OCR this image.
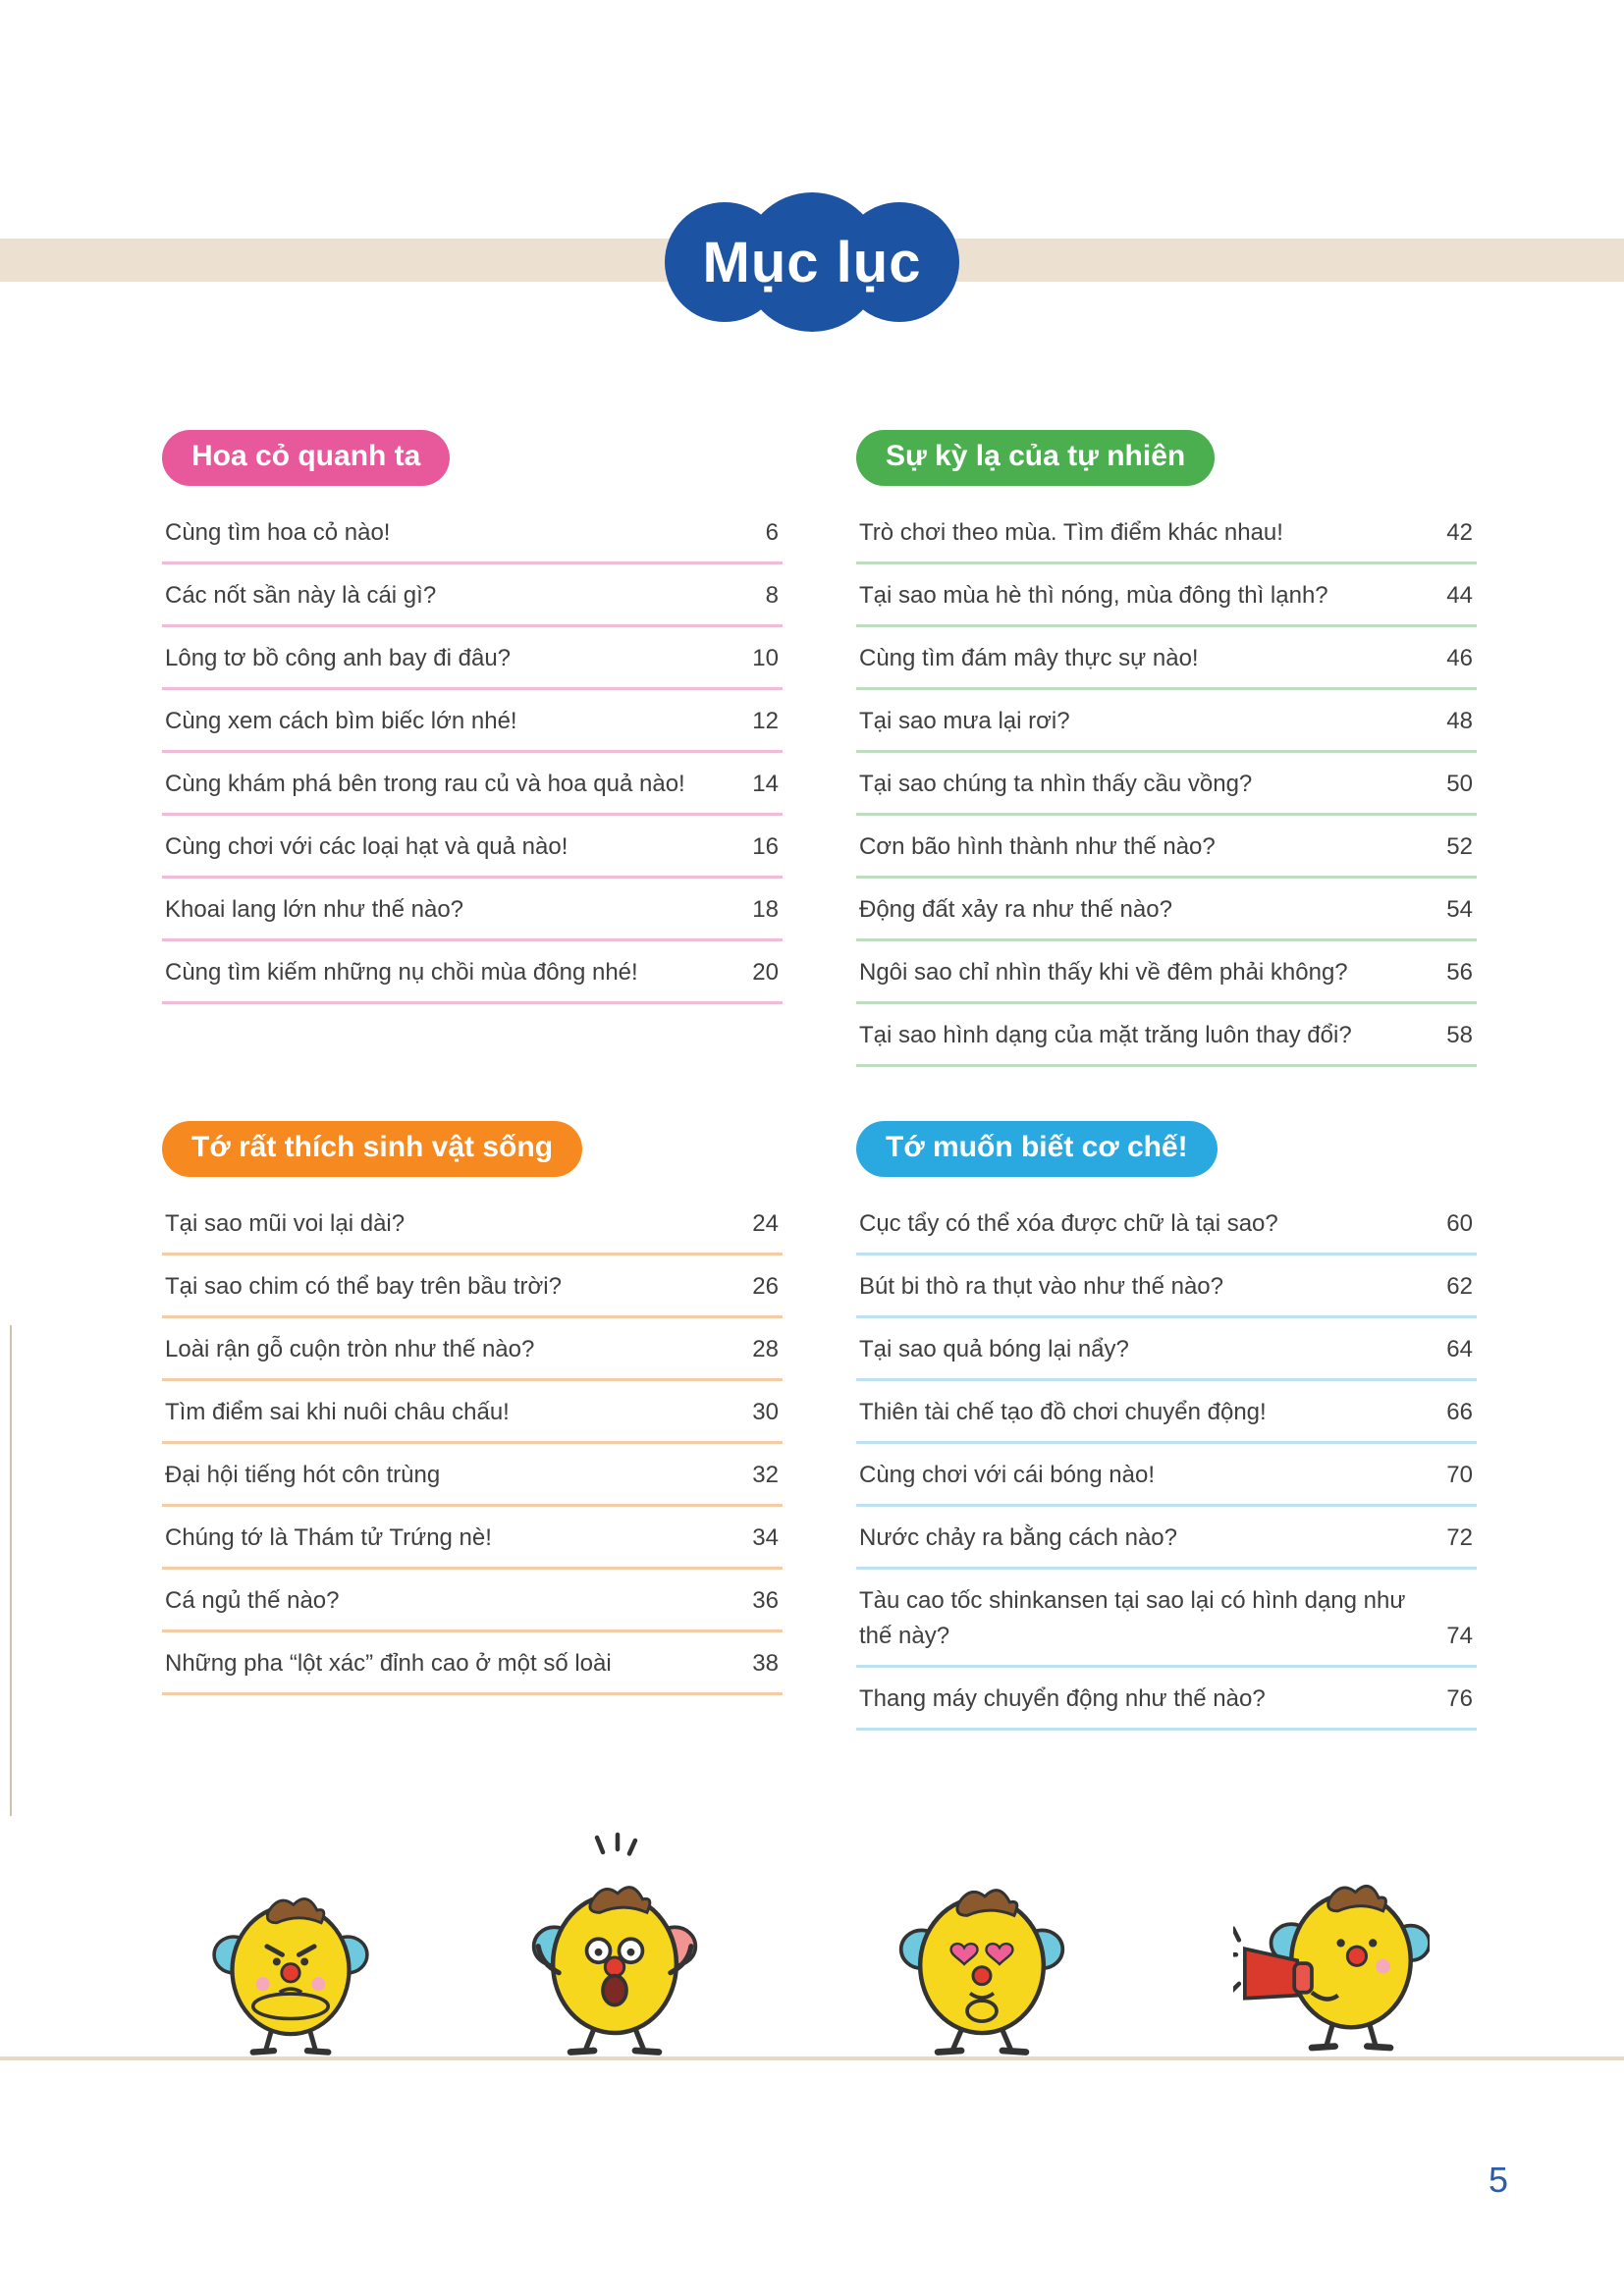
Mục lục
Hoa cỏ quanh ta
Cùng tìm hoa cỏ nào!	6
Các nốt sần này là cái gì?	8
Lông tơ bồ công anh bay đi đâu?	10
Cùng xem cách bìm biếc lớn nhé!	12
Cùng khám phá bên trong rau củ và hoa quả nào!	14
Cùng chơi với các loại hạt và quả nào!	16
Khoai lang lớn như thế nào?	18
Cùng tìm kiếm những nụ chồi mùa đông nhé!	20
Sự kỳ lạ của tự nhiên
Trò chơi theo mùa. Tìm điểm khác nhau!	42
Tại sao mùa hè thì nóng, mùa đông thì lạnh?	44
Cùng tìm đám mây thực sự nào!	46
Tại sao mưa lại rơi?	48
Tại sao chúng ta nhìn thấy cầu vồng?	50
Cơn bão hình thành như thế nào?	52
Động đất xảy ra như thế nào?	54
Ngôi sao chỉ nhìn thấy khi về đêm phải không?	56
Tại sao hình dạng của mặt trăng luôn thay đổi?	58
Tớ rất thích sinh vật sống
Tại sao mũi voi lại dài?	24
Tại sao chim có thể bay trên bầu trời?	26
Loài rận gỗ cuộn tròn như thế nào?	28
Tìm điểm sai khi nuôi châu chấu!	30
Đại hội tiếng hót côn trùng	32
Chúng tớ là Thám tử Trứng nè!	34
Cá ngủ thế nào?	36
Những pha “lột xác” đỉnh cao ở một số loài	38
Tớ muốn biết cơ chế!
Cục tẩy có thể xóa được chữ là tại sao?	60
Bút bi thò ra thụt vào như thế nào?	62
Tại sao quả bóng lại nẩy?	64
Thiên tài chế tạo đồ chơi chuyển động!	66
Cùng chơi với cái bóng nào!	70
Nước chảy ra bằng cách nào?	72
Tàu cao tốc shinkansen tại sao lại có hình dạng như thế này?	74
Thang máy chuyển động như thế nào?	76
5
